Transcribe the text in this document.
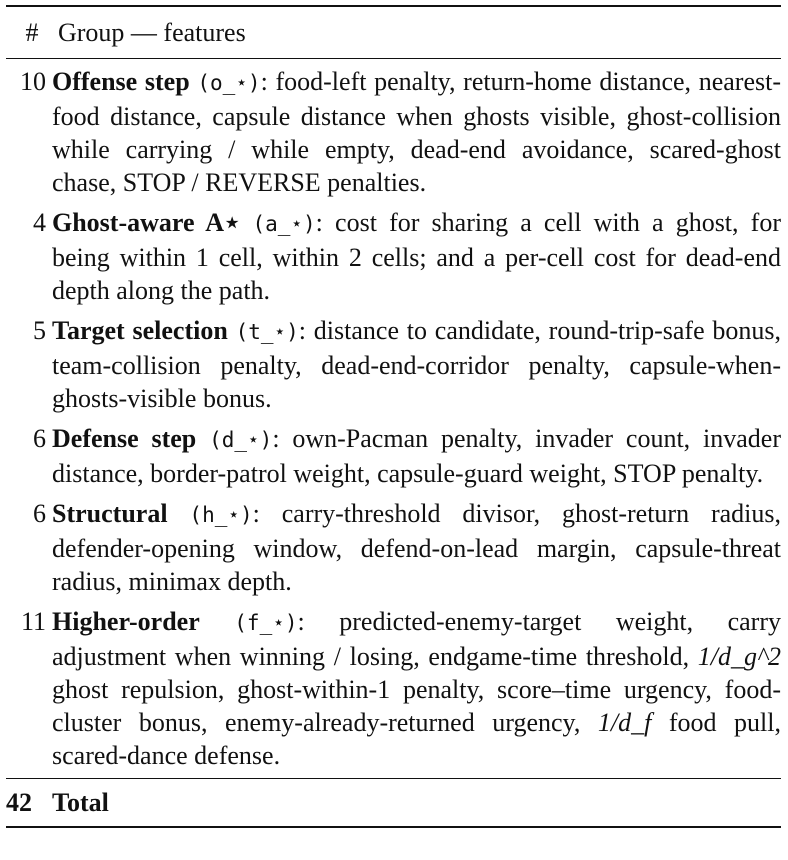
# Group — features
10 Offense step (o_⋆): food-left penalty, return-home distance, nearest-food distance, capsule distance when ghosts visible, ghost-collision while carrying / while empty, dead-end avoidance, scared-ghost chase, STOP / REVERSE penalties.
4 Ghost-aware A⋆ (a_⋆): cost for sharing a cell with a ghost, for being within 1 cell, within 2 cells; and a per-cell cost for dead-end depth along the path.
5 Target selection (t_⋆): distance to candidate, round-trip-safe bonus, team-collision penalty, dead-end-corridor penalty, capsule-when-ghosts-visible bonus.
6 Defense step (d_⋆): own-Pacman penalty, invader count, invader distance, border-patrol weight, capsule-guard weight, STOP penalty.
6 Structural (h_⋆): carry-threshold divisor, ghost-return radius, defender-opening window, defend-on-lead margin, capsule-threat radius, minimax depth.
11 Higher-order (f_⋆): predicted-enemy-target weight, carry adjustment when winning / losing, endgame-time threshold, 1/d_g^2 ghost repulsion, ghost-within-1 penalty, score–time urgency, food-cluster bonus, enemy-already-returned urgency, 1/d_f food pull, scared-dance defense.
42 Total
